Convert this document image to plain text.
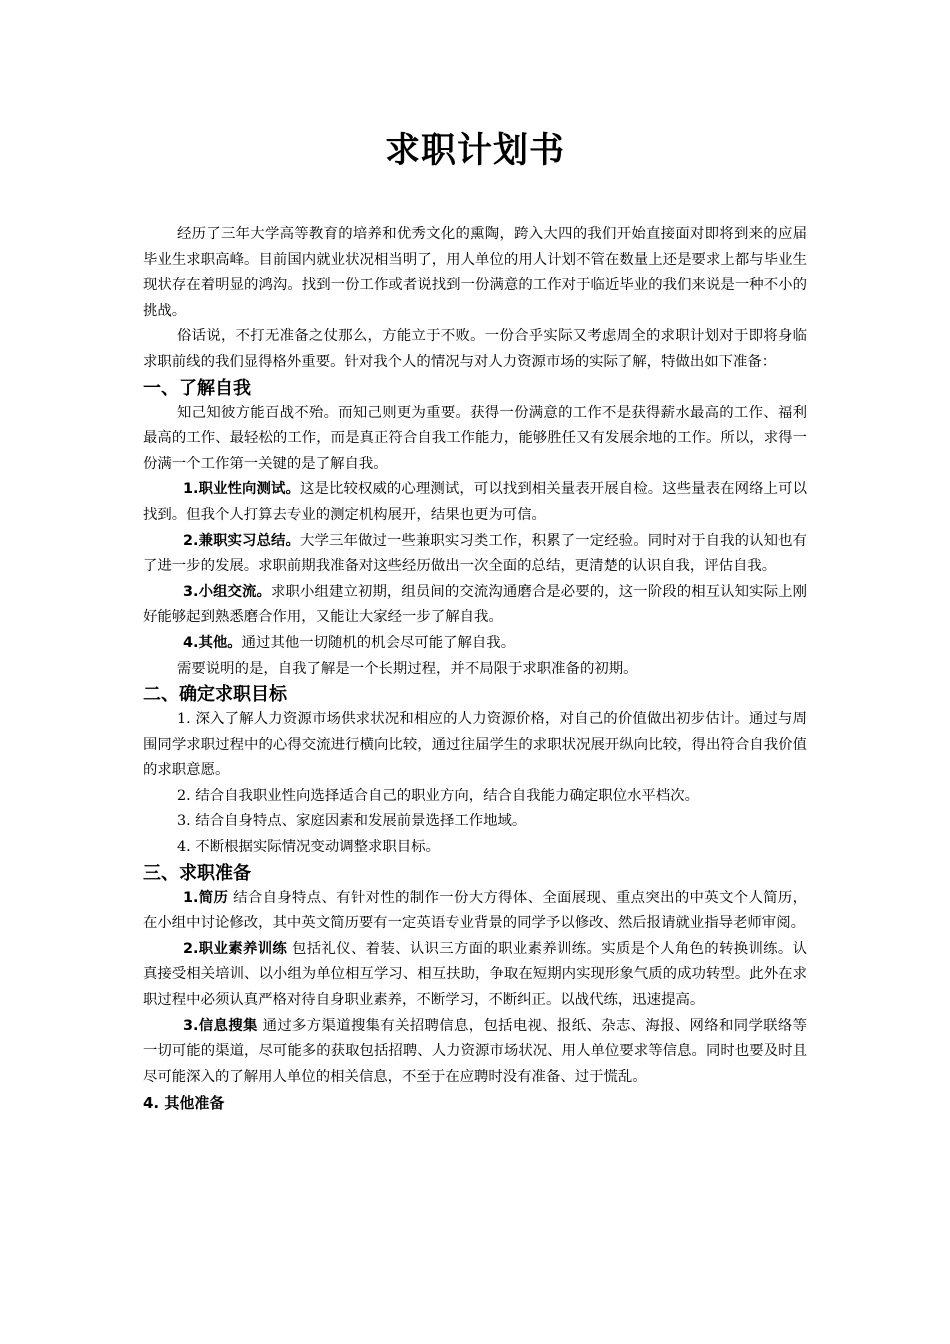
求职计划书

经历了三年大学高等教育的培养和优秀文化的熏陶，跨入大四的我们开始直接面对即将到来的应届毕业生求职高峰。目前国内就业状况相当明了，用人单位的用人计划不管在数量上还是要求上都与毕业生现状存在着明显的鸿沟。找到一份工作或者说找到一份满意的工作对于临近毕业的我们来说是一种不小的挑战。

俗话说，不打无准备之仗那么，方能立于不败。一份合乎实际又考虑周全的求职计划对于即将身临求职前线的我们显得格外重要。针对我个人的情况与对人力资源市场的实际了解，特做出如下准备：

一、了解自我

知己知彼方能百战不殆。而知己则更为重要。获得一份满意的工作不是获得薪水最高的工作、福利最高的工作、最轻松的工作，而是真正符合自我工作能力，能够胜任又有发展余地的工作。所以，求得一份满一个工作第一关键的是了解自我。

1.职业性向测试。这是比较权威的心理测试，可以找到相关量表开展自检。这些量表在网络上可以找到。但我个人打算去专业的测定机构展开，结果也更为可信。

2.兼职实习总结。大学三年做过一些兼职实习类工作，积累了一定经验。同时对于自我的认知也有了进一步的发展。求职前期我准备对这些经历做出一次全面的总结，更清楚的认识自我，评估自我。

3.小组交流。求职小组建立初期，组员间的交流沟通磨合是必要的，这一阶段的相互认知实际上刚好能够起到熟悉磨合作用，又能让大家经一步了解自我。

4.其他。通过其他一切随机的机会尽可能了解自我。

需要说明的是，自我了解是一个长期过程，并不局限于求职准备的初期。

二、确定求职目标

1. 深入了解人力资源市场供求状况和相应的人力资源价格，对自己的价值做出初步估计。通过与周围同学求职过程中的心得交流进行横向比较，通过往届学生的求职状况展开纵向比较，得出符合自我价值的求职意愿。

2. 结合自我职业性向选择适合自己的职业方向，结合自我能力确定职位水平档次。

3. 结合自身特点、家庭因素和发展前景选择工作地域。

4. 不断根据实际情况变动调整求职目标。

三、求职准备

1.简历 结合自身特点、有针对性的制作一份大方得体、全面展现、重点突出的中英文个人简历，在小组中讨论修改，其中英文简历要有一定英语专业背景的同学予以修改、然后报请就业指导老师审阅。

2.职业素养训练 包括礼仪、着装、认识三方面的职业素养训练。实质是个人角色的转换训练。认真接受相关培训、以小组为单位相互学习、相互扶助，争取在短期内实现形象气质的成功转型。此外在求职过程中必须认真严格对待自身职业素养，不断学习，不断纠正。以战代练，迅速提高。

3.信息搜集 通过多方渠道搜集有关招聘信息，包括电视、报纸、杂志、海报、网络和同学联络等一切可能的渠道，尽可能多的获取包括招聘、人力资源市场状况、用人单位要求等信息。同时也要及时且尽可能深入的了解用人单位的相关信息，不至于在应聘时没有准备、过于慌乱。

4. 其他准备
